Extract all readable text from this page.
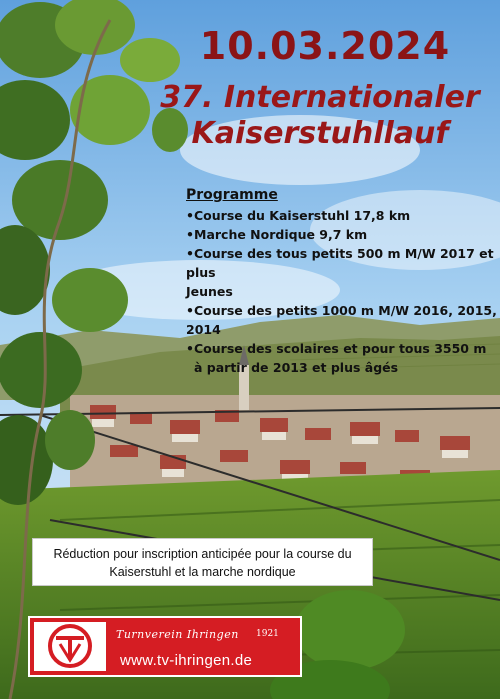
10.03.2024
37. Internationaler
Kaiserstuhllauf
Programme
• Course du Kaiserstuhl 17,8 km
• Marche Nordique 9,7 km
• Course des tous petits 500 m M/W 2017 et plus
Jeunes
• Course des petits 1000 m M/W 2016, 2015, 2014
• Course des scolaires et pour tous 3550 m
à partir de 2013 et plus âgés
Réduction pour inscription anticipée pour la course du
Kaiserstuhl et la marche nordique
Turnverein Ihringen 1921
www.tv-ihringen.de
